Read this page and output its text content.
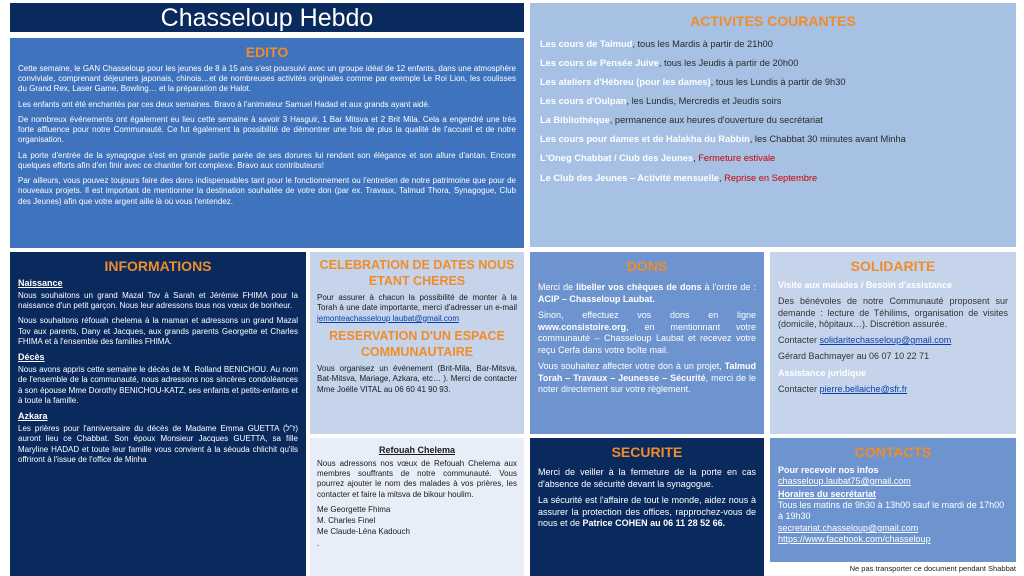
Chasseloup Hebdo
EDITO

Cette semaine, le GAN Chasseloup pour les jeunes de 8 à 15 ans s'est poursuivi avec un groupe idéal de 12 enfants, dans une atmosphère conviviale, comprenant déjeuners japonais, chinois…et de nombreuses activités originales comme par exemple Le Roi Lion, les coulisses du Grand Rex, Laser Game, Bowling… et la préparation de Halot.

Les enfants ont été enchantés par ces deux semaines. Bravo à l'animateur Samuel Hadad et aux grands ayant aidé.

De nombreux événements ont également eu lieu cette semaine à savoir 3 Hasguir, 1 Bar Mitsva et 2 Brit Mila. Cela a engendré une très forte affluence pour notre Communauté. Ce fut également la possibilité de démontrer une fois de plus la qualité de l'accueil et de notre organisation.

La porte d'entrée de la synagogue s'est en grande partie parée de ses dorures lui rendant son élégance et son allure d'antan. Encore quelques efforts afin d'en finir avec ce chantier fort complexe. Bravo aux contributeurs!

Par ailleurs, vous pouvez toujours faire des dons indispensables tant pour le fonctionnement ou l'entretien de notre patrimoine que pour de nouveaux projets. Il est important de mentionner la destination souhaitée de votre don (par ex. Travaux, Talmud Thora, Synagogue, Club des Jeunes) afin que votre argent aille là où vous l'entendez.

ACTIVITES COURANTES

Les cours de Talmud, tous les Mardis à partir de 21h00

Les cours de Pensée Juive, tous les Jeudis à partir de 20h00

Les ateliers d'Hébreu (pour les dames), tous les Lundis à partir de 9h30

Les cours d'Oulpan, les Lundis, Mercredis et Jeudis soirs

La Bibliothèque, permanence aux heures d'ouverture du secrétariat

Les cours pour dames et de Halakha du Rabbin, les Chabbat 30 minutes avant Minha

L'Oneg Chabbat / Club des Jeunes, Fermeture estivale

Le Club des Jeunes – Activité mensuelle, Reprise en Septembre

INFORMATIONS
Naissance

Nous souhaitons un grand Mazal Tov à Sarah et Jérémie FHIMA pour la naissance d'un petit garçon. Nous leur adressons tous nos vœux de bonheur.

Nous souhaitons réfouah chelema à la maman et adressons un grand Mazal Tov aux parents, Dany et Jacques, aux grands parents Georgette et Charles FHIMA et à l'ensemble des familles FHIMA.

Décès

Nous avons appris cette semaine le décès de M. Rolland BENICHOU. Au nom de l'ensemble de la communauté, nous adressons nos sincères condoléances à son épouse Mme Dorothy BENICHOU-KATZ, ses enfants et petits-enfants et à toute la famille.

Azkara

Les prières pour l'anniversaire du décès de Madame Emma GUETTA (ז"ל) auront lieu ce Chabbat. Son époux Monsieur Jacques GUETTA, sa fille Maryline HADAD et toute leur famille vous convient à la séouda chlichit qu'ils offriront à l'issue de l'office de Minha

CELEBRATION DE DATES NOUS ETANT CHERES

Pour assurer à chacun la possibilité de monter à la Torah à une date importante, merci d'adresser un e-mail jemonteachasseloup laubat@gmail.com

RESERVATION D'UN ESPACE COMMUNAUTAIRE

Vous organisez un événement (Brit-Mila, Bar-Mitsva, Bat-Mitsva, Mariage, Azkara, etc… ). Merci de contacter Mme Joëlle VITAL au 06 60 41 90 93.

Refouah Chelema

Nous adressons nos vœux de Refouah Chelema aux membres souffrants de notre communauté. Vous pourrez ajouter le nom des malades à vos prières, les contacter et faire la mitsva de bikour houlim.

Me Georgette Fhima

M. Charles Finel

Me Claude-Léna Kadouch

.

DONS

Merci de libeller vos chèques de dons à l'ordre de : ACIP – Chasseloup Laubat.

Sinon, effectuez vos dons en ligne www.consistoire.org, en mentionnant votre communauté – Chasseloup Laubat et recevez votre reçu Cerfa dans votre boîte mail.

Vous souhaitez affecter votre don à un projet, Talmud Torah – Travaux – Jeunesse – Sécurité, merci de le noter directement sur votre règlement.

SOLIDARITE

Visite aux malades / Besoin d'assistance

Des bénévoles de notre Communauté proposent sur demande : lecture de Téhilims, organisation de visites (domicile, hôpitaux…). Discrétion assurée.

Contacter solidaritechasseloup@gmail.com

Gérard Bachmayer au 06 07 10 22 71

Assistance juridique

Contacter pierre.bellaiche@sfr.fr

SECURITE

Merci de veiller à la fermeture de la porte en cas d'absence de sécurité devant la synagogue.

La sécurité est l'affaire de tout le monde, aidez nous à assurer la protection des offices, rapprochez-vous de nous et de Patrice COHEN au 06 11 28 52 66.

CONTACTS

Pour recevoir nos infos

chasseloup.laubat75@gmail.com

Horaires du secrétariat

Tous les matins de 9h30 à 13h00 sauf le mardi de 17h00 à 19h30

secretariat.chasseloup@gmail.com

https://www.facebook.com/chasseloup

Ne pas transporter ce document pendant Shabbat
